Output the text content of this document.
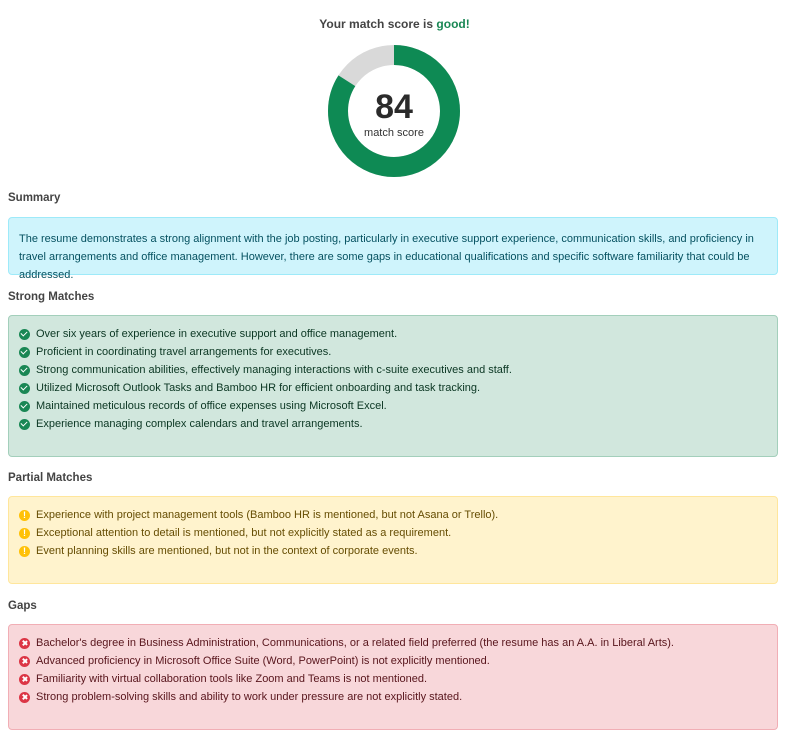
Your match score is good!
84
match score
Summary
The resume demonstrates a strong alignment with the job posting, particularly in executive support experience, communication skills, and proficiency in travel arrangements and office management. However, there are some gaps in educational qualifications and specific software familiarity that could be addressed.
Strong Matches
Over six years of experience in executive support and office management.
Proficient in coordinating travel arrangements for executives.
Strong communication abilities, effectively managing interactions with c-suite executives and staff.
Utilized Microsoft Outlook Tasks and Bamboo HR for efficient onboarding and task tracking.
Maintained meticulous records of office expenses using Microsoft Excel.
Experience managing complex calendars and travel arrangements.
Partial Matches
!
Experience with project management tools (Bamboo HR is mentioned, but not Asana or Trello).
!
Exceptional attention to detail is mentioned, but not explicitly stated as a requirement.
!
Event planning skills are mentioned, but not in the context of corporate events.
Gaps
Bachelor's degree in Business Administration, Communications, or a related field preferred (the resume has an A.A. in Liberal Arts).
Advanced proficiency in Microsoft Office Suite (Word, PowerPoint) is not explicitly mentioned.
Familiarity with virtual collaboration tools like Zoom and Teams is not mentioned.
Strong problem-solving skills and ability to work under pressure are not explicitly stated.
